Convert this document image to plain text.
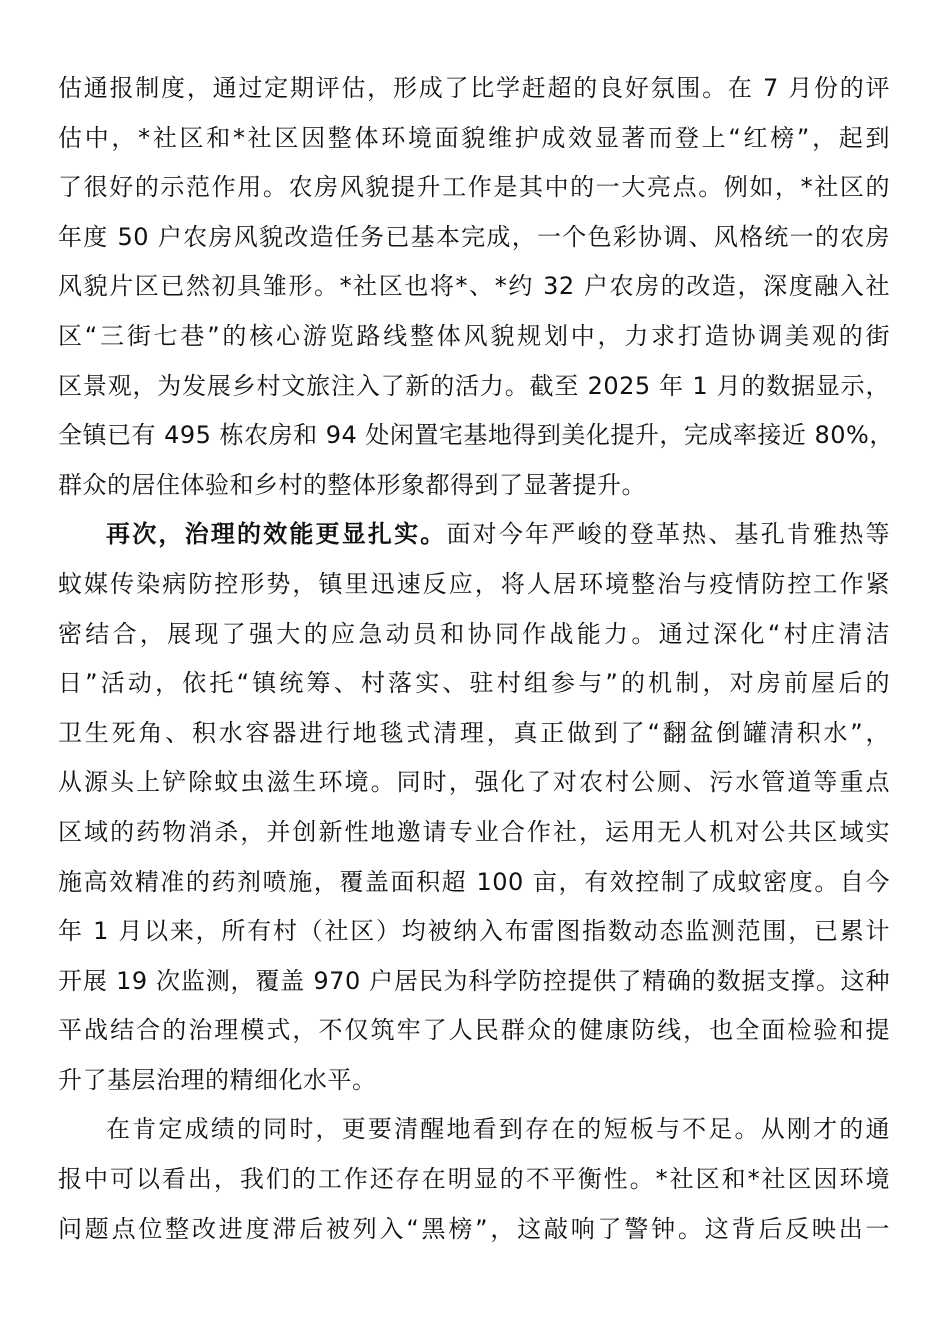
估通报制度，通过定期评估，形成了比学赶超的良好氛围。在 7 月份的评
估中，*社区和*社区因整体环境面貌维护成效显著而登上“红榜”，起到
了很好的示范作用。农房风貌提升工作是其中的一大亮点。例如，*社区的
年度 50 户农房风貌改造任务已基本完成，一个色彩协调、风格统一的农房
风貌片区已然初具雏形。*社区也将*、*约 32 户农房的改造，深度融入社
区“三街七巷”的核心游览路线整体风貌规划中，力求打造协调美观的街
区景观，为发展乡村文旅注入了新的活力。截至 2025 年 1 月的数据显示，
全镇已有 495 栋农房和 94 处闲置宅基地得到美化提升，完成率接近 80%，
群众的居住体验和乡村的整体形象都得到了显著提升。
再次，治理的效能更显扎实。面对今年严峻的登革热、基孔肯雅热等
蚊媒传染病防控形势，镇里迅速反应，将人居环境整治与疫情防控工作紧
密结合，展现了强大的应急动员和协同作战能力。通过深化“村庄清洁
日”活动，依托“镇统筹、村落实、驻村组参与”的机制，对房前屋后的
卫生死角、积水容器进行地毯式清理，真正做到了“翻盆倒罐清积水”，
从源头上铲除蚊虫滋生环境。同时，强化了对农村公厕、污水管道等重点
区域的药物消杀，并创新性地邀请专业合作社，运用无人机对公共区域实
施高效精准的药剂喷施，覆盖面积超 100 亩，有效控制了成蚊密度。自今
年 1 月以来，所有村（社区）均被纳入布雷图指数动态监测范围，已累计
开展 19 次监测，覆盖 970 户居民为科学防控提供了精确的数据支撑。这种
平战结合的治理模式，不仅筑牢了人民群众的健康防线，也全面检验和提
升了基层治理的精细化水平。
在肯定成绩的同时，更要清醒地看到存在的短板与不足。从刚才的通
报中可以看出，我们的工作还存在明显的不平衡性。*社区和*社区因环境
问题点位整改进度滞后被列入“黑榜”，这敲响了警钟。这背后反映出一
